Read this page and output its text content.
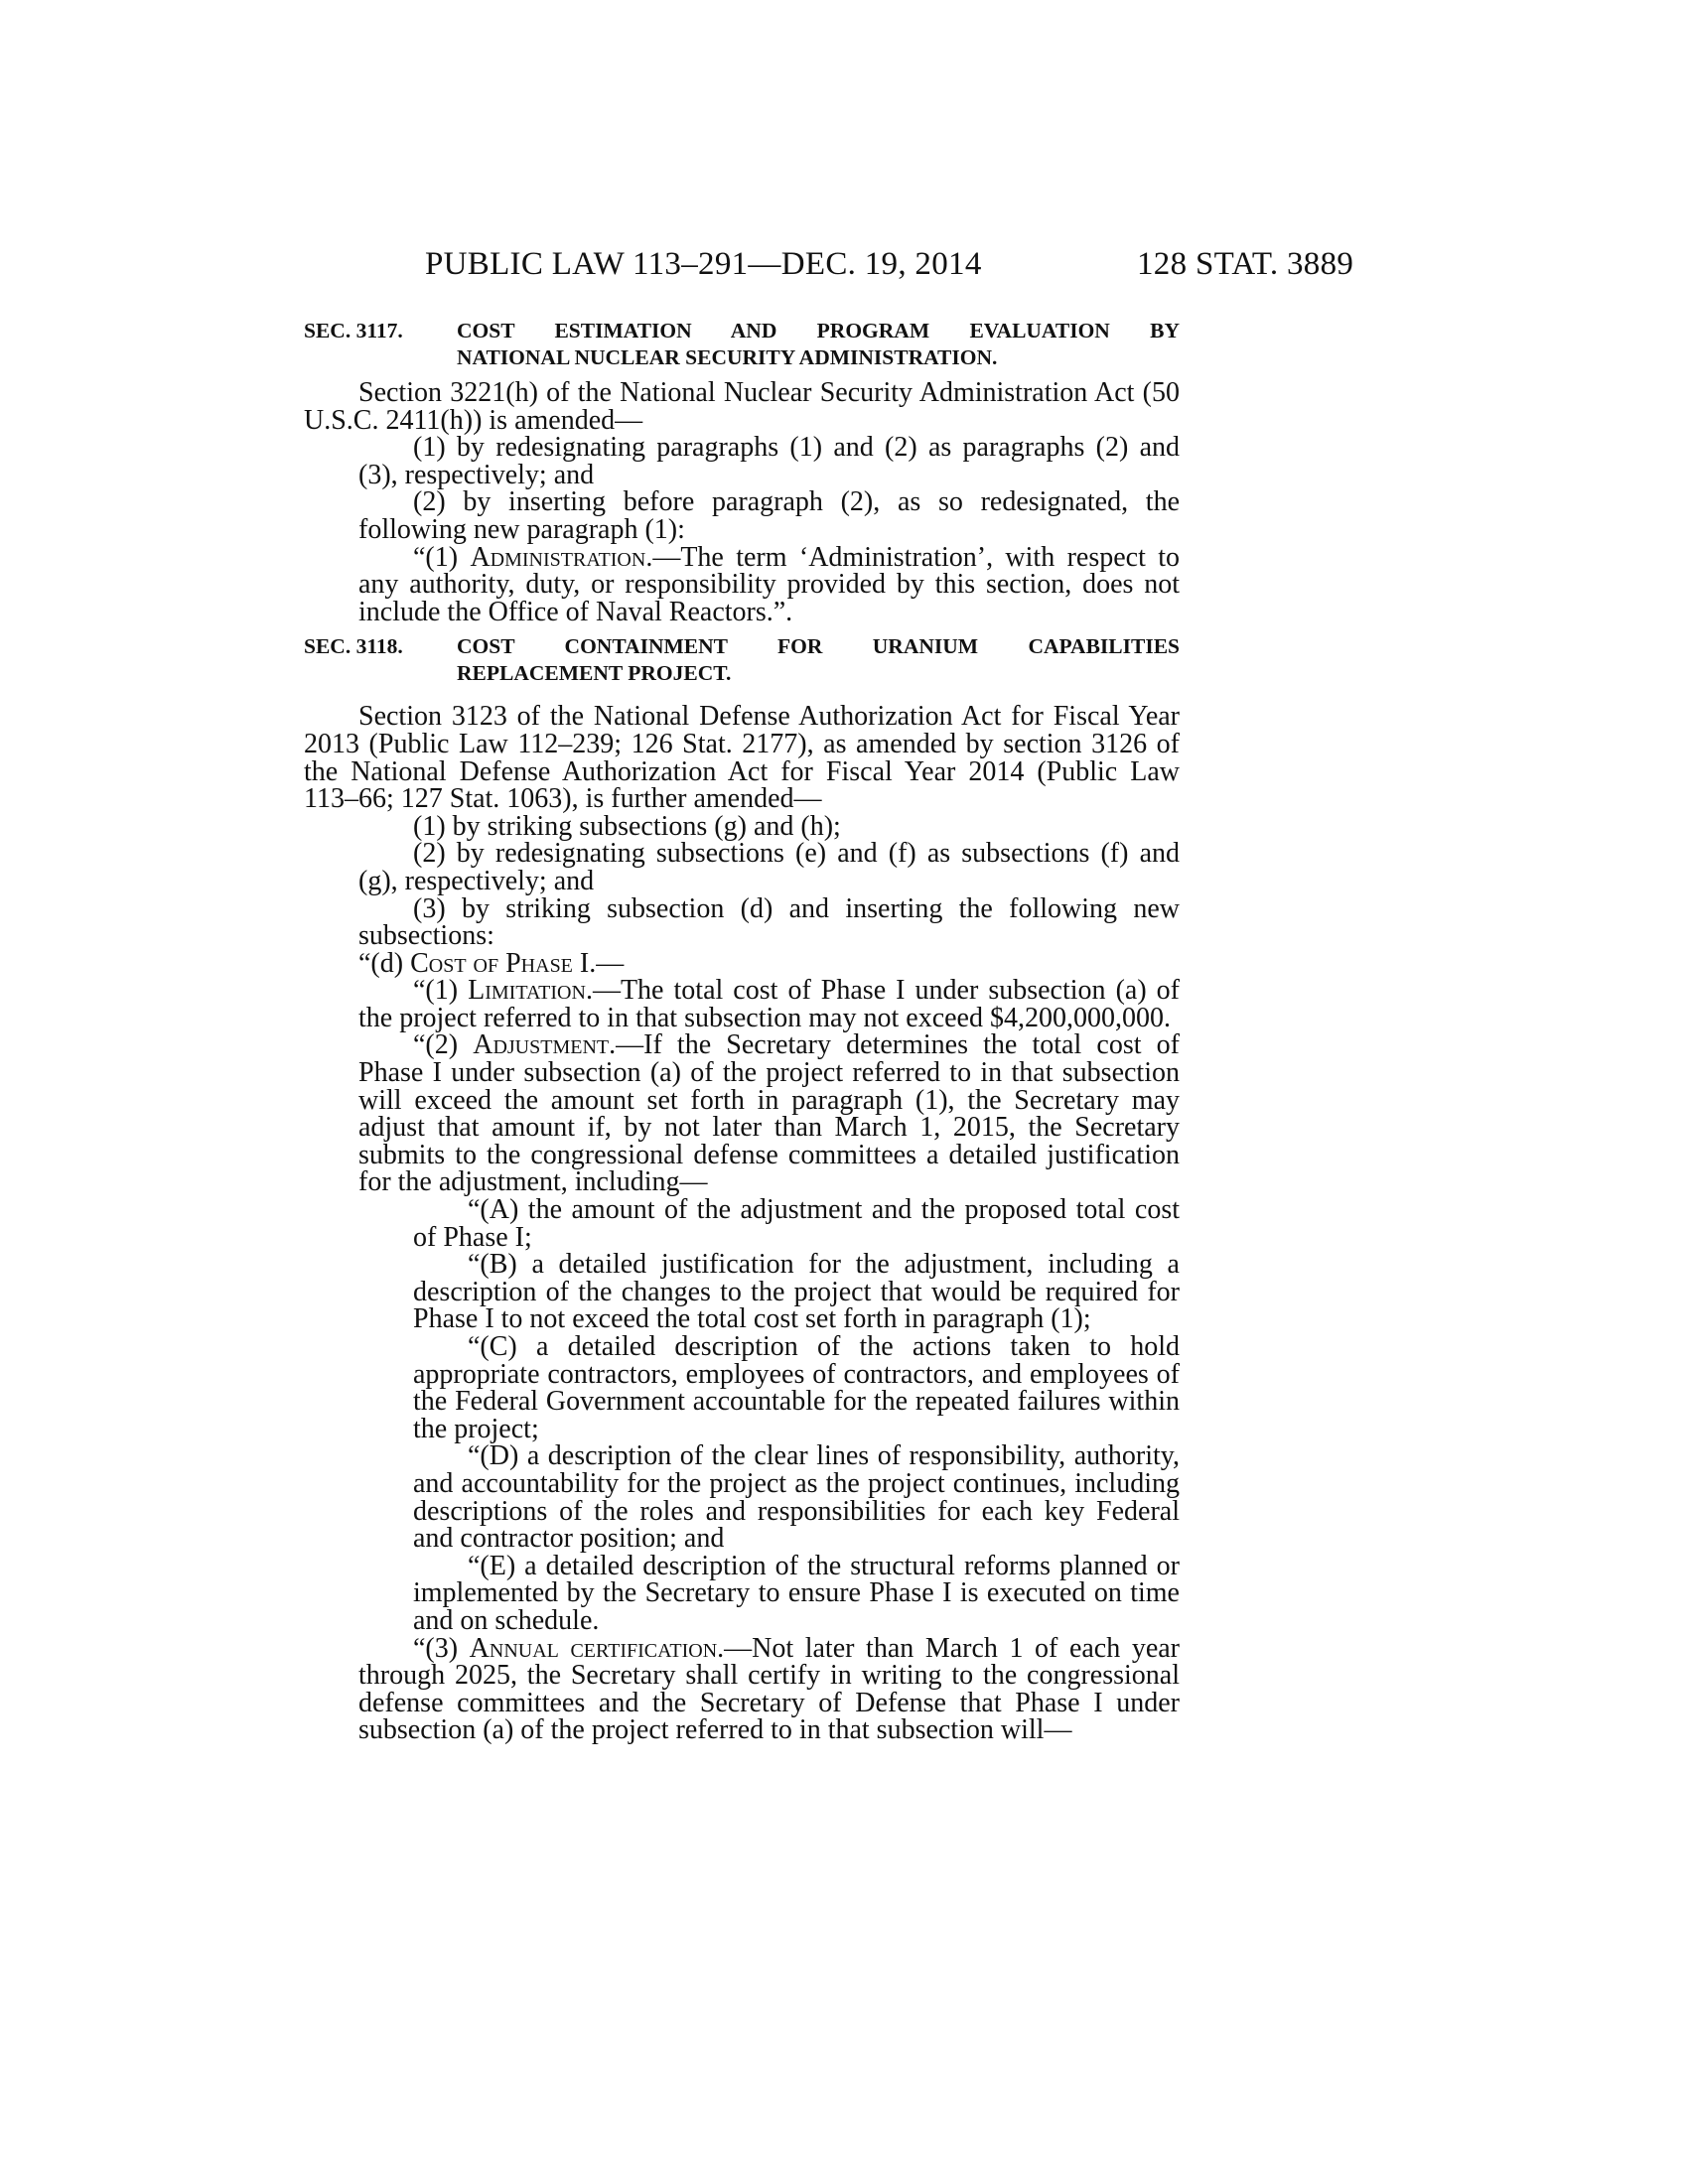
PUBLIC LAW 113–291—DEC. 19, 2014	128 STAT. 3889
SEC. 3117.	COST ESTIMATION AND PROGRAM EVALUATION BY
NATIONAL NUCLEAR SECURITY ADMINISTRATION.

Section 3221(h) of the National Nuclear Security Administration Act (50 U.S.C. 2411(h)) is amended—

(1) by redesignating paragraphs (1) and (2) as paragraphs (2) and (3), respectively; and

(2) by inserting before paragraph (2), as so redesignated, the following new paragraph (1):

“(1) Administration.—The term ‘Administration’, with respect to any authority, duty, or responsibility provided by this section, does not include the Office of Naval Reactors.”.

SEC. 3118.	COST CONTAINMENT FOR URANIUM CAPABILITIES
REPLACEMENT PROJECT.

Section 3123 of the National Defense Authorization Act for Fiscal Year 2013 (Public Law 112–239; 126 Stat. 2177), as amended by section 3126 of the National Defense Authorization Act for Fiscal Year 2014 (Public Law 113–66; 127 Stat. 1063), is further amended—

(1) by striking subsections (g) and (h);

(2) by redesignating subsections (e) and (f) as subsections (f) and (g), respectively; and

(3) by striking subsection (d) and inserting the following new subsections:

“(d) Cost of Phase I.—

“(1) Limitation.—The total cost of Phase I under subsection (a) of the project referred to in that subsection may not exceed $4,200,000,000.

“(2) Adjustment.—If the Secretary determines the total cost of Phase I under subsection (a) of the project referred to in that subsection will exceed the amount set forth in paragraph (1), the Secretary may adjust that amount if, by not later than March 1, 2015, the Secretary submits to the congressional defense committees a detailed justification for the adjustment, including—

“(A) the amount of the adjustment and the proposed total cost of Phase I;

“(B) a detailed justification for the adjustment, including a description of the changes to the project that would be required for Phase I to not exceed the total cost set forth in paragraph (1);

“(C) a detailed description of the actions taken to hold appropriate contractors, employees of contractors, and employees of the Federal Government accountable for the repeated failures within the project;

“(D) a description of the clear lines of responsibility, authority, and accountability for the project as the project continues, including descriptions of the roles and responsibilities for each key Federal and contractor position; and

“(E) a detailed description of the structural reforms planned or implemented by the Secretary to ensure Phase I is executed on time and on schedule.

“(3) Annual certification.—Not later than March 1 of each year through 2025, the Secretary shall certify in writing to the congressional defense committees and the Secretary of Defense that Phase I under subsection (a) of the project referred to in that subsection will—
